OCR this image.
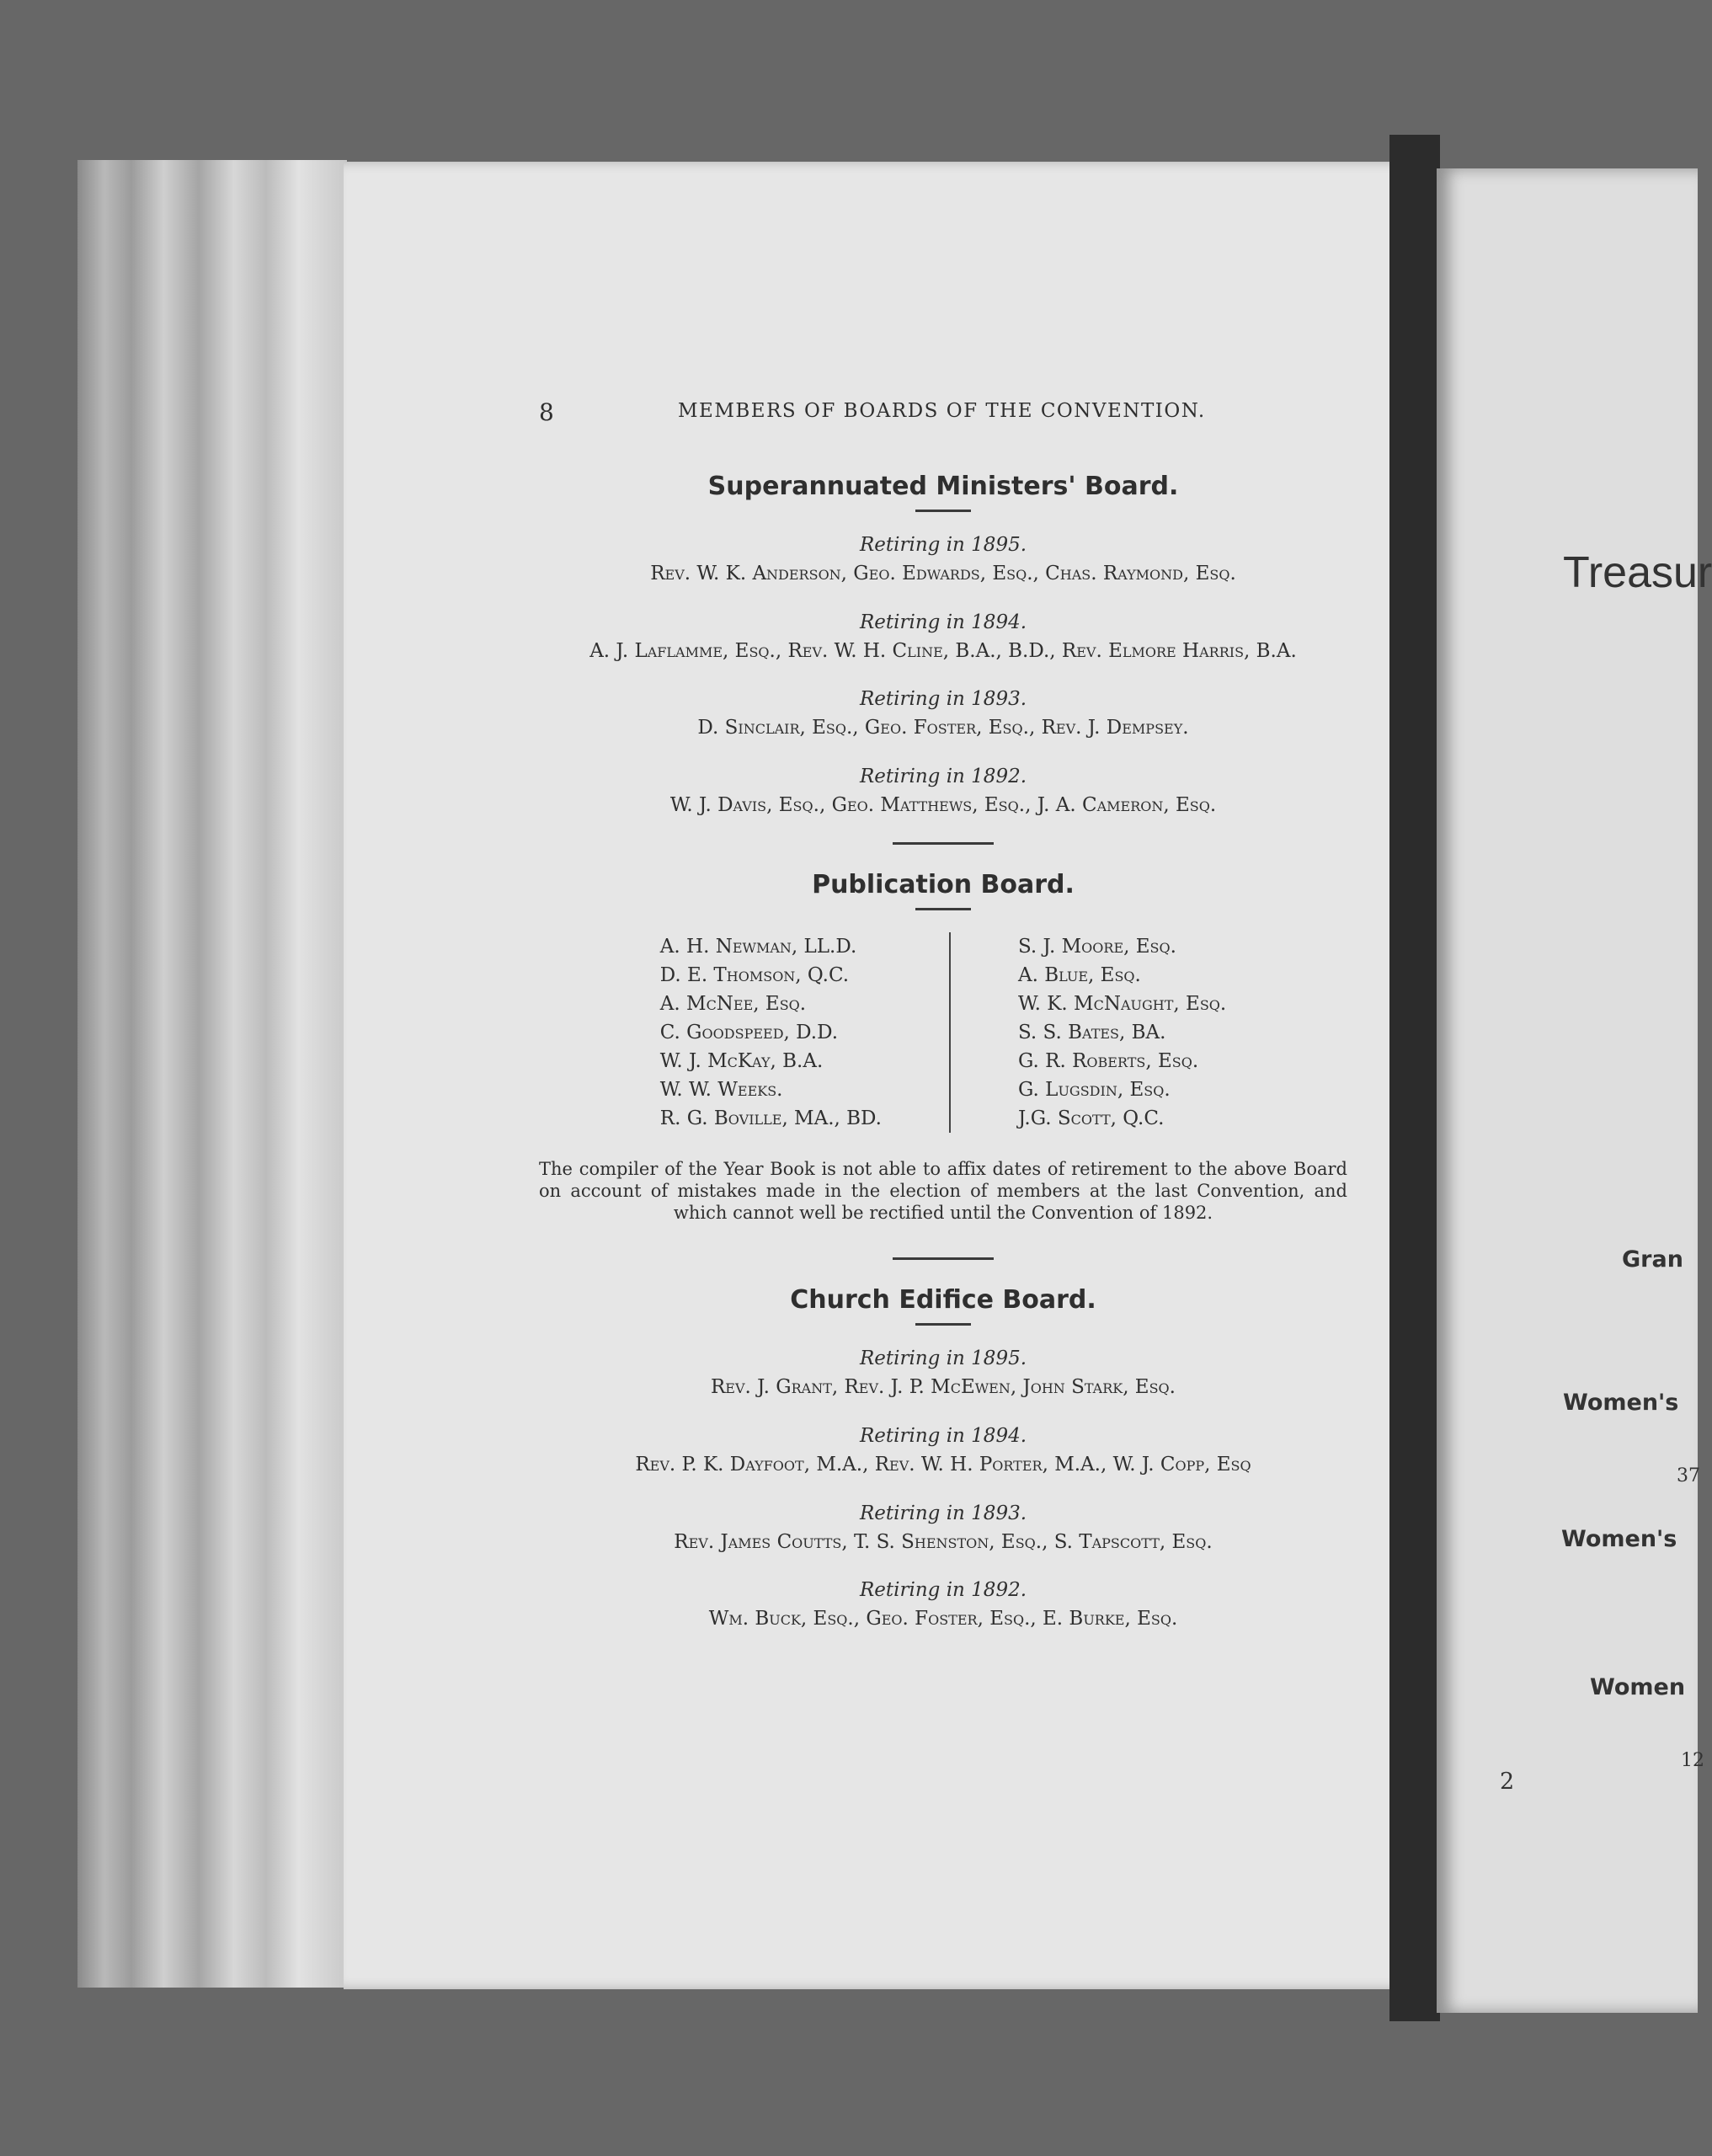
8	MEMBERS OF BOARDS OF THE CONVENTION.
Superannuated Ministers' Board.
Retiring in 1895.
Rev. W. K. Anderson, Geo. Edwards, Esq., Chas. Raymond, Esq.
Retiring in 1894.
A. J. Laflamme, Esq., Rev. W. H. Cline, B.A., B.D., Rev. Elmore Harris, B.A.
Retiring in 1893.
D. Sinclair, Esq., Geo. Foster, Esq., Rev. J. Dempsey.
Retiring in 1892.
W. J. Davis, Esq., Geo. Matthews, Esq., J. A. Cameron, Esq.
Publication Board.
A. H. Newman, LL.D.
D. E. Thomson, Q.C.
A. McNee, Esq.
C. Goodspeed, D.D.
W. J. McKay, B.A.
W. W. Weeks.
R. G. Boville, MA., BD.
S. J. Moore, Esq.
A. Blue, Esq.
W. K. McNaught, Esq.
S. S. Bates, BA.
G. R. Roberts, Esq.
G. Lugsdin, Esq.
J.G. Scott, Q.C.
The compiler of the Year Book is not able to affix dates of retirement to the above Board on account of mistakes made in the election of members at the last Convention, and which cannot well be rectified until the Convention of 1892.
Church Edifice Board.
Retiring in 1895.
Rev. J. Grant, Rev. J. P. McEwen, John Stark, Esq.
Retiring in 1894.
Rev. P. K. Dayfoot, M.A., Rev. W. H. Porter, M.A., W. J. Copp, Esq
Retiring in 1893.
Rev. James Coutts, T. S. Shenston, Esq., S. Tapscott, Esq.
Retiring in 1892.
Wm. Buck, Esq., Geo. Foster, Esq., E. Burke, Esq.
Treasur
Gran
Women's
37
Women's
Women
12
2
